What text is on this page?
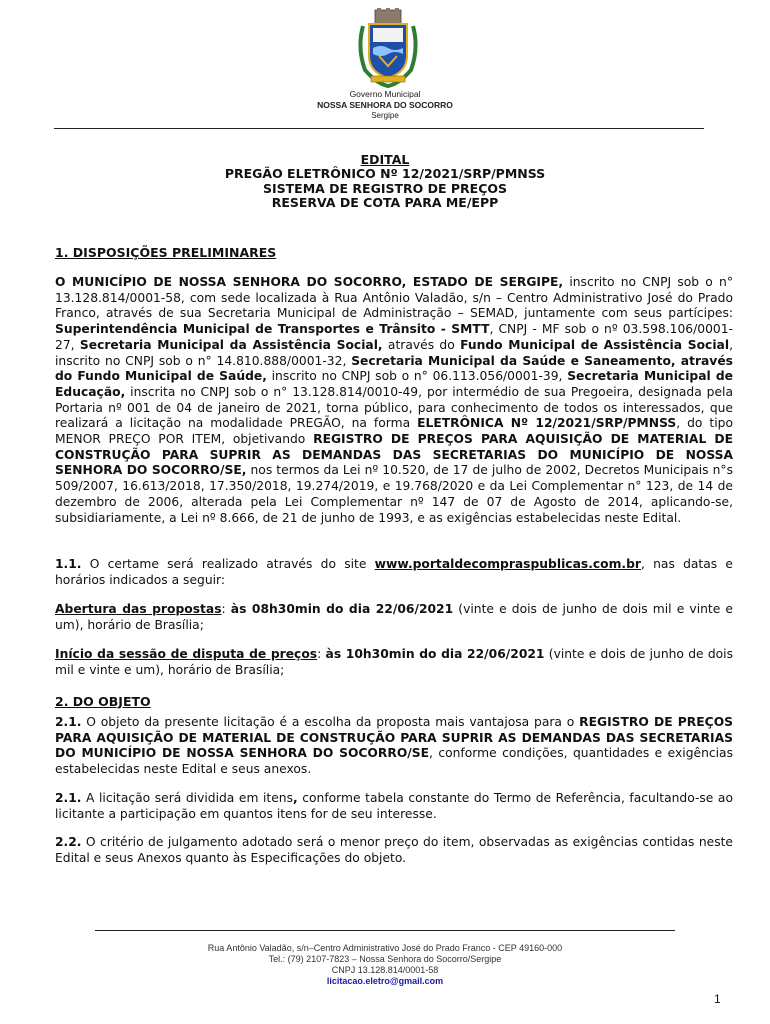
Governo Municipal
NOSSA SENHORA DO SOCORRO
Sergipe
EDITAL
PREGÃO ELETRÔNICO Nº 12/2021/SRP/PMNSS
SISTEMA DE REGISTRO DE PREÇOS
RESERVA DE COTA PARA ME/EPP
1. DISPOSIÇÕES PRELIMINARES

O MUNICÍPIO DE NOSSA SENHORA DO SOCORRO, ESTADO DE SERGIPE, inscrito no CNPJ sob o n° 13.128.814/0001-58, com sede localizada à Rua Antônio Valadão, s/n – Centro Administrativo José do Prado Franco, através de sua Secretaria Municipal de Administração – SEMAD, juntamente com seus partícipes: Superintendência Municipal de Transportes e Trânsito - SMTT, CNPJ - MF sob o nº 03.598.106/0001-27, Secretaria Municipal da Assistência Social, através do Fundo Municipal de Assistência Social, inscrito no CNPJ sob o n° 14.810.888/0001-32, Secretaria Municipal da Saúde e Saneamento, através do Fundo Municipal de Saúde, inscrito no CNPJ sob o n° 06.113.056/0001-39, Secretaria Municipal de Educação, inscrita no CNPJ sob o n° 13.128.814/0010-49, por intermédio de sua Pregoeira, designada pela Portaria nº 001 de 04 de janeiro de 2021, torna público, para conhecimento de todos os interessados, que realizará a licitação na modalidade PREGÃO, na forma ELETRÔNICA Nº 12/2021/SRP/PMNSS, do tipo MENOR PREÇO POR ITEM, objetivando REGISTRO DE PREÇOS PARA AQUISIÇÃO DE MATERIAL DE CONSTRUÇÃO PARA SUPRIR AS DEMANDAS DAS SECRETARIAS DO MUNICÍPIO DE NOSSA SENHORA DO SOCORRO/SE, nos termos da Lei nº 10.520, de 17 de julho de 2002, Decretos Municipais n°s 509/2007, 16.613/2018, 17.350/2018, 19.274/2019, e 19.768/2020 e da Lei Complementar n° 123, de 14 de dezembro de 2006, alterada pela Lei Complementar nº 147 de 07 de Agosto de 2014, aplicando-se, subsidiariamente, a Lei nº 8.666, de 21 de junho de 1993, e as exigências estabelecidas neste Edital.

1.1. O certame será realizado através do site www.portaldecompraspublicas.com.br, nas datas e horários indicados a seguir:

Abertura das propostas: às 08h30min do dia 22/06/2021 (vinte e dois de junho de dois mil e vinte e um), horário de Brasília;

Início da sessão de disputa de preços: às 10h30min do dia 22/06/2021 (vinte e dois de junho de dois mil e vinte e um), horário de Brasília;

2. DO OBJETO

2.1. O objeto da presente licitação é a escolha da proposta mais vantajosa para o REGISTRO DE PREÇOS PARA AQUISIÇÃO DE MATERIAL DE CONSTRUÇÃO PARA SUPRIR AS DEMANDAS DAS SECRETARIAS DO MUNICÍPIO DE NOSSA SENHORA DO SOCORRO/SE, conforme condições, quantidades e exigências estabelecidas neste Edital e seus anexos.

2.1. A licitação será dividida em itens, conforme tabela constante do Termo de Referência, facultando-se ao licitante a participação em quantos itens for de seu interesse.

2.2. O critério de julgamento adotado será o menor preço do item, observadas as exigências contidas neste Edital e seus Anexos quanto às Especificações do objeto.

Rua Antônio Valadão, s/n–Centro Administrativo José do Prado Franco - CEP 49160-000
Tel.: (79) 2107-7823 – Nossa Senhora do Socorro/Sergipe
CNPJ 13.128.814/0001-58
licitacao.eletro@gmail.com
1
